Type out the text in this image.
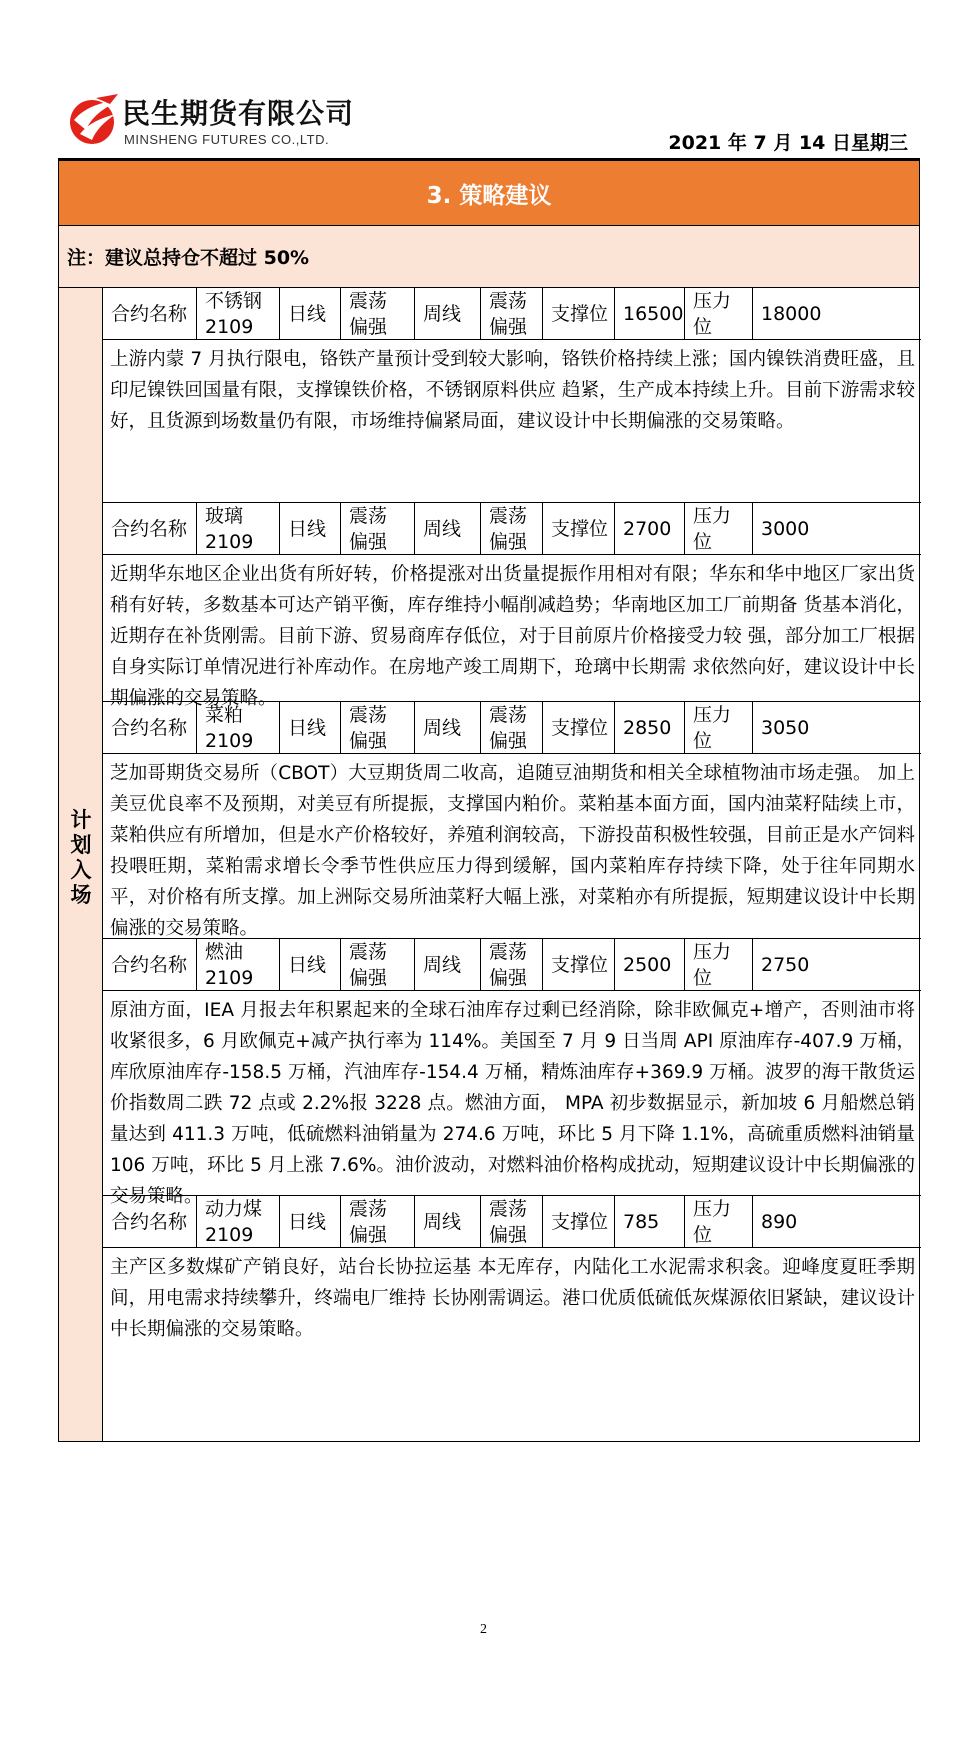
民生期货有限公司
MINSHENG FUTURES CO.,LTD.	2021 年 7 月 14 日星期三
3. 策略建议
注：建议总持仓不超过 50%
计划入场
合约名称
不锈钢
2109
日线
震荡
偏强
周线
震荡
偏强
支撑位 16500
压力
位
18000
上游内蒙 7 月执行限电，铬铁产量预计受到较大影响，铬铁价格持续上涨；国内镍铁消费旺盛，且印尼镍铁回国量有限，支撑镍铁价格，不锈钢原料供应 趋紧，生产成本持续上升。目前下游需求较好，且货源到场数量仍有限，市场维持偏紧局面，建议设计中长期偏涨的交易策略。
合约名称
玻璃
2109
日线
震荡
偏强
周线
震荡
偏强
支撑位 2700
压力
位
3000
近期华东地区企业出货有所好转，价格提涨对出货量提振作用相对有限；华东和华中地区厂家出货稍有好转，多数基本可达产销平衡，库存维持小幅削减趋势；华南地区加工厂前期备 货基本消化，近期存在补货刚需。目前下游、贸易商库存低位，对于目前原片价格接受力较 强，部分加工厂根据自身实际订单情况进行补库动作。在房地产竣工周期下，玱璃中长期需 求依然向好，建议设计中长期偏涨的交易策略。
合约名称
菜粕
2109
日线
震荡
偏强
周线
震荡
偏强
支撑位 2850
压力
位
3050
芝加哥期货交易所（CBOT）大豆期货周二收高，追随豆油期货和相关全球植物油市场走强。 加上美豆优良率不及预期，对美豆有所提振，支撑国内粕价。菜粕基本面方面，国内油菜籽陆续上市，菜粕供应有所增加，但是水产价格较好，养殖利润较高，下游投苗积极性较强，目前正是水产饲料投喂旺期，菜粕需求增长令季节性供应压力得到缓解，国内菜粕库存持续下降，处于往年同期水平，对价格有所支撑。加上洲际交易所油菜籽大幅上涨，对菜粕亦有所提振，短期建议设计中长期偏涨的交易策略。
合约名称
燃油
2109
日线
震荡
偏强
周线
震荡
偏强
支撑位 2500
压力
位
2750
原油方面，IEA 月报去年积累起来的全球石油库存过剩已经消除，除非欧佩克+增产，否则油市将收紧很多，6 月欧佩克+减产执行率为 114%。美国至 7 月 9 日当周 API 原油库存-407.9 万桶，库欣原油库存-158.5 万桶，汽油库存-154.4 万桶，精炼油库存+369.9 万桶。波罗的海干散货运价指数周二跌 72 点或 2.2%报 3228 点。燃油方面， MPA 初步数据显示，新加坡 6 月船燃总销量达到 411.3 万吨，低硫燃料油销量为 274.6 万吨，环比 5 月下降 1.1%，高硫重质燃料油销量 106 万吨，环比 5 月上涨 7.6%。油价波动，对燃料油价格构成扰动，短期建议设计中长期偏涨的交易策略。
合约名称
动力煤
2109
日线
震荡
偏强
周线
震荡
偏强
支撑位 785
压力
位
890
主产区多数煤矿产销良好，站台长协拉运基 本无库存，内陆化工水泥需求积衾。迎峰度夏旺季期间，用电需求持续攀升，终端电厂维持 长协刚需调运。港口优质低硫低灰煤源依旧紧缺，建议设计中长期偏涨的交易策略。
2
